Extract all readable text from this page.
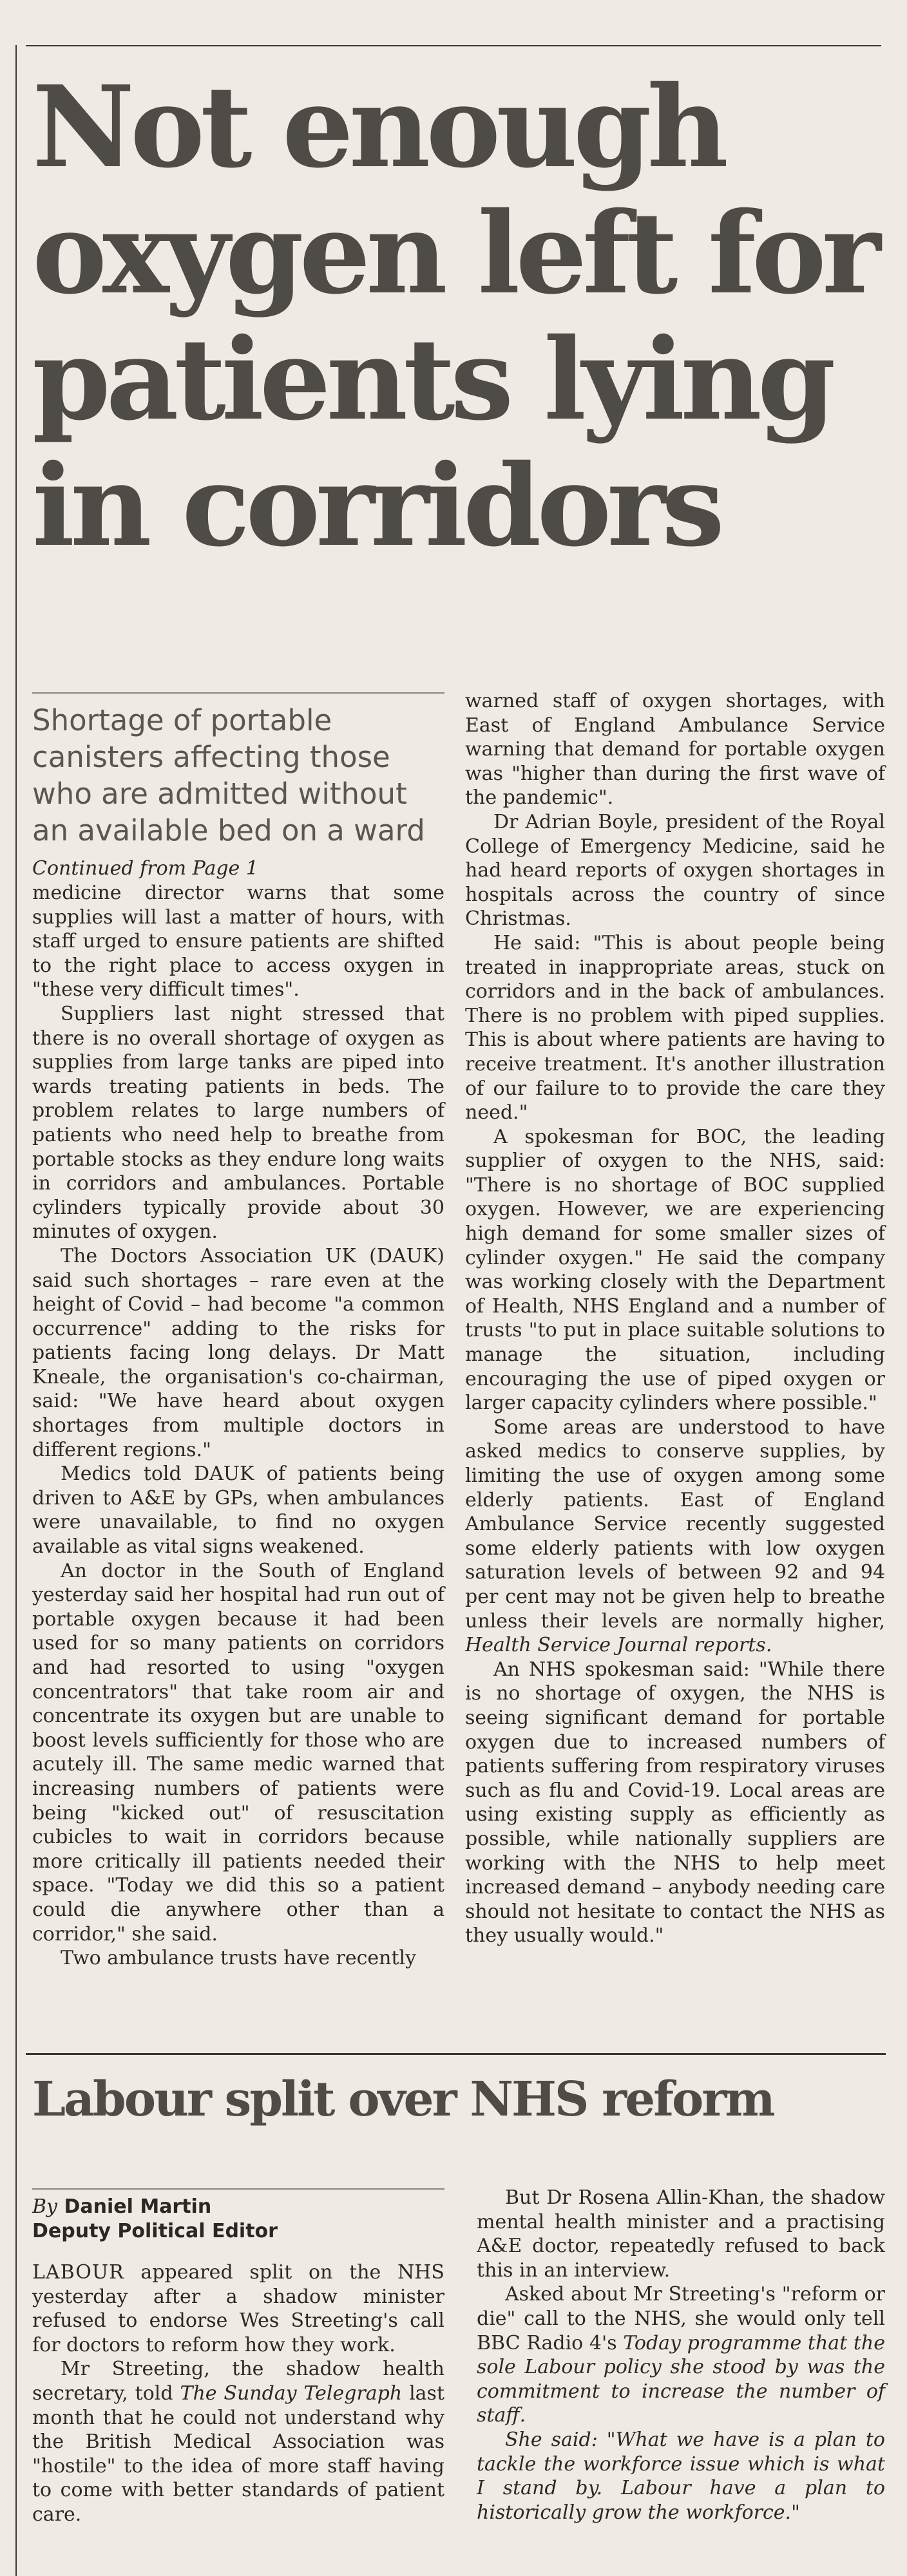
Not enough oxygen left for patients lying in corridors
Shortage of portable canisters affecting those who are admitted without an available bed on a ward
Continued from Page 1

medicine director warns that some supplies will last a matter of hours, with staff urged to ensure patients are shifted to the right place to access oxygen in "these very difficult times".

Suppliers last night stressed that there is no overall shortage of oxygen as supplies from large tanks are piped into wards treating patients in beds. The problem relates to large numbers of patients who need help to breathe from portable stocks as they endure long waits in corridors and ambulances. Portable cylinders typically provide about 30 minutes of oxygen.

The Doctors Association UK (DAUK) said such shortages – rare even at the height of Covid – had become "a common occurrence" adding to the risks for patients facing long delays. Dr Matt Kneale, the organisation's co-chairman, said: "We have heard about oxygen shortages from multiple doctors in different regions."

Medics told DAUK of patients being driven to A&E by GPs, when ambulances were unavailable, to find no oxygen available as vital signs weakened.

An doctor in the South of England yesterday said her hospital had run out of portable oxygen because it had been used for so many patients on corridors and had resorted to using "oxygen concentrators" that take room air and concentrate its oxygen but are unable to boost levels sufficiently for those who are acutely ill. The same medic warned that increasing numbers of patients were being "kicked out" of resuscitation cubicles to wait in corridors because more critically ill patients needed their space. "Today we did this so a patient could die anywhere other than a corridor," she said.

Two ambulance trusts have recently

warned staff of oxygen shortages, with East of England Ambulance Service warning that demand for portable oxygen was "higher than during the first wave of the pandemic".

Dr Adrian Boyle, president of the Royal College of Emergency Medicine, said he had heard reports of oxygen shortages in hospitals across the country of since Christmas.

He said: "This is about people being treated in inappropriate areas, stuck on corridors and in the back of ambulances. There is no problem with piped supplies. This is about where patients are having to receive treatment. It's another illustration of our failure to to provide the care they need."

A spokesman for BOC, the leading supplier of oxygen to the NHS, said: "There is no shortage of BOC supplied oxygen. However, we are experiencing high demand for some smaller sizes of cylinder oxygen." He said the company was working closely with the Department of Health, NHS England and a number of trusts "to put in place suitable solutions to manage the situation, including encouraging the use of piped oxygen or larger capacity cylinders where possible."

Some areas are understood to have asked medics to conserve supplies, by limiting the use of oxygen among some elderly patients. East of England Ambulance Service recently suggested some elderly patients with low oxygen saturation levels of between 92 and 94 per cent may not be given help to breathe unless their levels are normally higher, Health Service Journal reports.

An NHS spokesman said: "While there is no shortage of oxygen, the NHS is seeing significant demand for portable oxygen due to increased numbers of patients suffering from respiratory viruses such as flu and Covid-19. Local areas are using existing supply as efficiently as possible, while nationally suppliers are working with the NHS to help meet increased demand – anybody needing care should not hesitate to contact the NHS as they usually would."

Labour split over NHS reform
By Daniel Martin
Deputy Political Editor

LABOUR appeared split on the NHS yesterday after a shadow minister refused to endorse Wes Streeting's call for doctors to reform how they work.

Mr Streeting, the shadow health secretary, told The Sunday Telegraph last month that he could not understand why the British Medical Association was "hostile" to the idea of more staff having to come with better standards of patient care.

But Dr Rosena Allin-Khan, the shadow mental health minister and a practising A&E doctor, repeatedly refused to back this in an interview.

Asked about Mr Streeting's "reform or die" call to the NHS, she would only tell BBC Radio 4's Today programme that the sole Labour policy she stood by was the commitment to increase the number of staff.

She said: "What we have is a plan to tackle the workforce issue which is what I stand by. Labour have a plan to historically grow the workforce."
